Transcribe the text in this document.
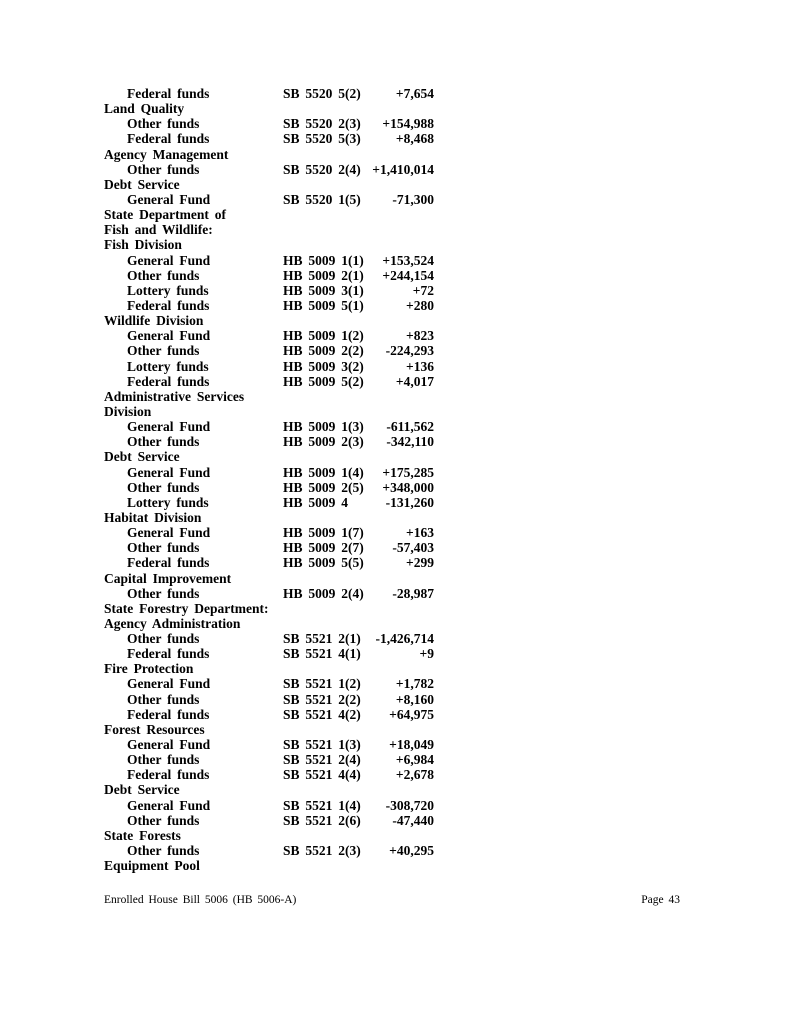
Federal funds	SB 5520 5(2)	+7,654
Land Quality
Other funds	SB 5520 2(3) +154,988
Federal funds	SB 5520 5(3)	+8,468
Agency Management
Other funds	SB 5520 2(4) +1,410,014
Debt Service
General Fund	SB 5520 1(5) -71,300
State Department of
Fish and Wildlife:
Fish Division
General Fund	HB 5009 1(1) +153,524
Other funds	HB 5009 2(1) +244,154
Lottery funds	HB 5009 3(1)	+72
Federal funds	HB 5009 5(1)	+280
Wildlife Division
General Fund	HB 5009 1(2)	+823
Other funds	HB 5009 2(2) -224,293
Lottery funds	HB 5009 3(2)	+136
Federal funds	HB 5009 5(2) +4,017
Administrative Services
Division
General Fund	HB 5009 1(3) -611,562
Other funds	HB 5009 2(3) -342,110
Debt Service
General Fund	HB 5009 1(4) +175,285
Other funds	HB 5009 2(5) +348,000
Lottery funds	HB 5009 4	-131,260
Habitat Division
General Fund	HB 5009 1(7)	+163
Other funds	HB 5009 2(7) -57,403
Federal funds	HB 5009 5(5)	+299
Capital Improvement
Other funds	HB 5009 2(4) -28,987
State Forestry Department:
Agency Administration
Other funds	SB 5521 2(1) -1,426,714
Federal funds	SB 5521 4(1)	+9
Fire Protection
General Fund	SB 5521 1(2)	+1,782
Other funds	SB 5521 2(2)	+8,160
Federal funds	SB 5521 4(2) +64,975
Forest Resources
General Fund	SB 5521 1(3) +18,049
Other funds	SB 5521 2(4)	+6,984
Federal funds	SB 5521 4(4)	+2,678
Debt Service
General Fund	SB 5521 1(4) -308,720
Other funds	SB 5521 2(6) -47,440
State Forests
Other funds	SB 5521 2(3) +40,295
Equipment Pool
Enrolled House Bill 5006 (HB 5006-A)	Page 43
